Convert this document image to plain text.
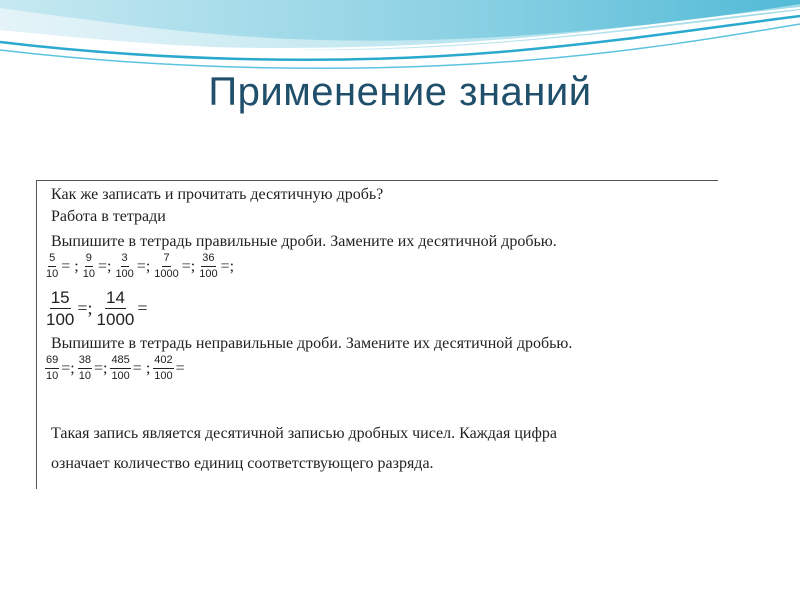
Применение знаний
Как же записать и прочитать десятичную дробь?
Работа в тетради
Выпишите в тетрадь правильные дроби. Замените их десятичной дробью.
$\frac{5}{10}$ = ; $\frac{9}{10}$ =; $\frac{3}{100}$ =; $\frac{7}{1000}$ =; $\frac{36}{100}$ =;
$\frac{15}{100}$ =; $\frac{14}{1000}$ =
Выпишите в тетрадь неправильные дроби. Замените их десятичной дробью.
$\frac{69}{10}$ =; $\frac{38}{10}$ =; $\frac{485}{100}$ = ; $\frac{402}{100}$ =
Такая запись является десятичной записью дробных чисел. Каждая цифра
означает количество единиц соответствующего разряда.
